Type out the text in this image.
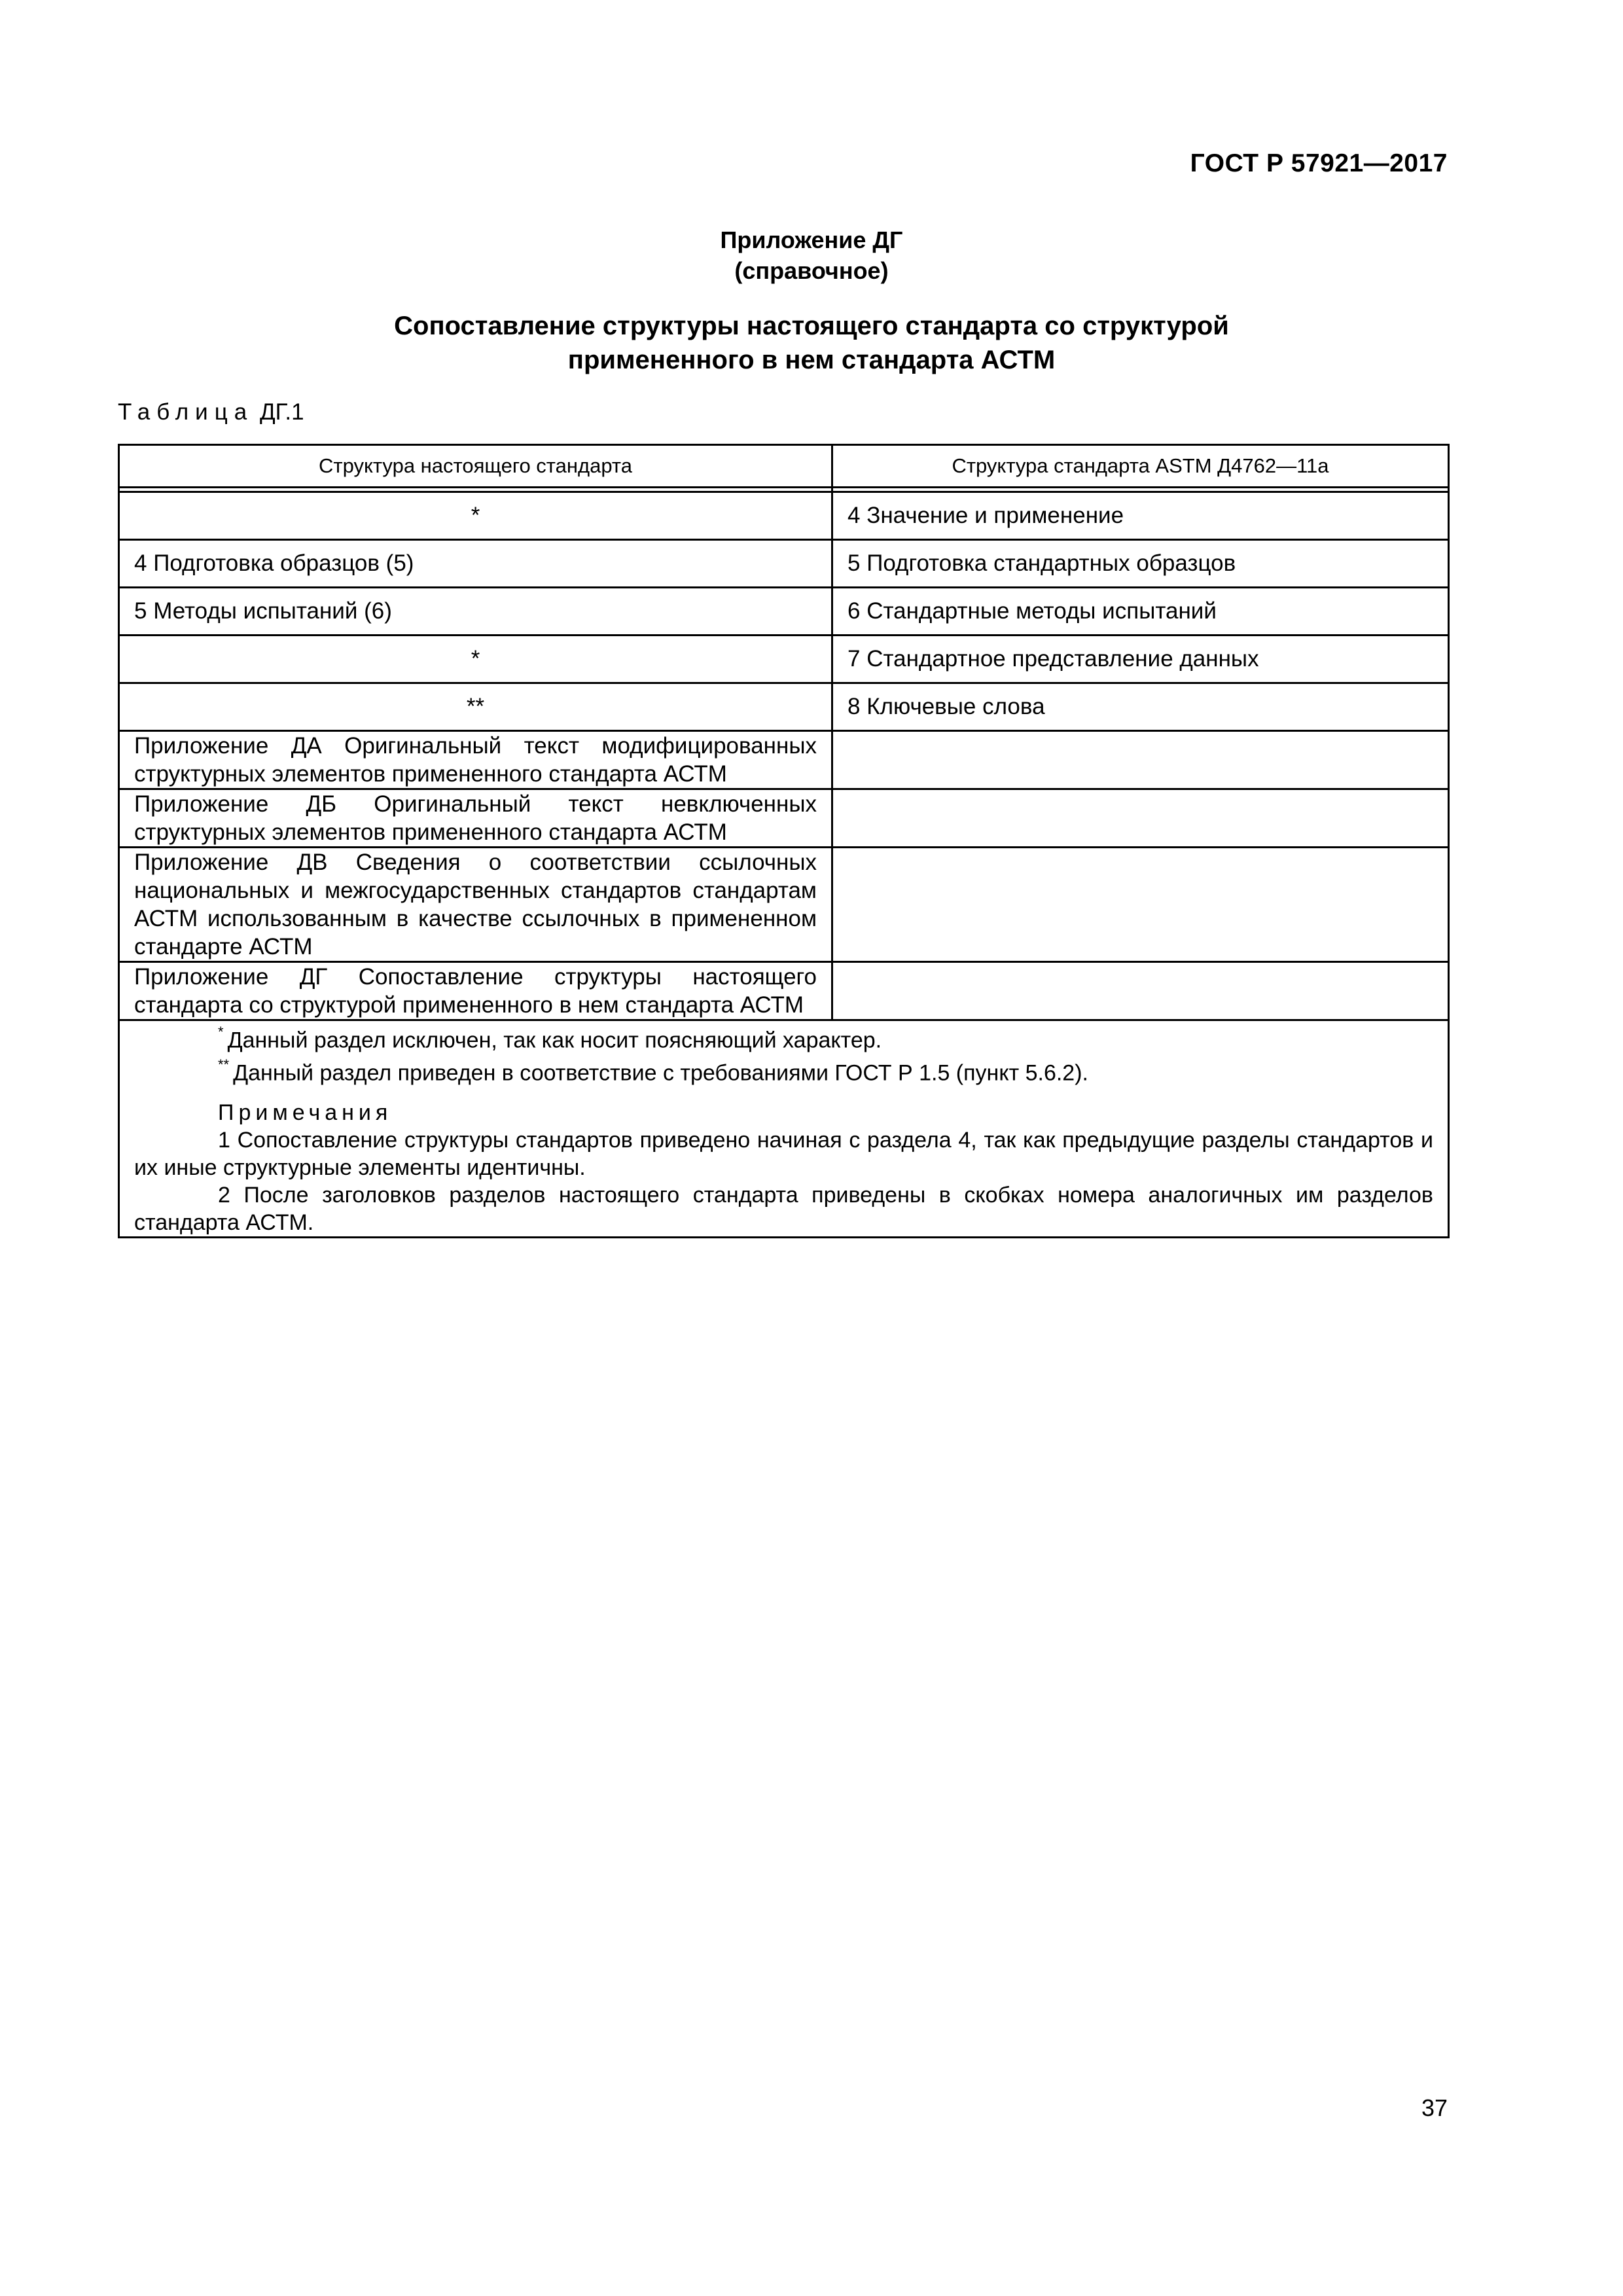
ГОСТ Р 57921—2017
Приложение ДГ
(справочное)
Сопоставление структуры настоящего стандарта со структурой
примененного в нем стандарта АСТМ
Таблица ДГ.1
Структура настоящего стандарта	Структура стандарта ASTM Д4762—11а

*	4 Значение и применение
4 Подготовка образцов (5)	5 Подготовка стандартных образцов
5 Методы испытаний (6)	6 Стандартные методы испытаний
*	7 Стандартное представление данных
**	8 Ключевые слова
Приложение ДА Оригинальный текст модифицированных структурных элементов примененного стандарта АСТМ	
Приложение ДБ Оригинальный текст невключенных структурных элементов примененного стандарта АСТМ	
Приложение ДВ Сведения о соответствии ссылочных национальных и межгосударственных стандартов стандартам АСТМ использованным в качестве ссылочных в примененном стандарте АСТМ	
Приложение ДГ Сопоставление структуры настоящего стандарта со структурой примененного в нем стандарта АСТМ	

* Данный раздел исключен, так как носит поясняющий характер.
** Данный раздел приведен в соответствие с требованиями ГОСТ Р 1.5 (пункт 5.6.2).
Примечания
1 Сопоставление структуры стандартов приведено начиная с раздела 4, так как предыдущие разделы стандартов и их иные структурные элементы идентичны.
2 После заголовков разделов настоящего стандарта приведены в скобках номера аналогичных им разделов стандарта АСТМ.	
37
